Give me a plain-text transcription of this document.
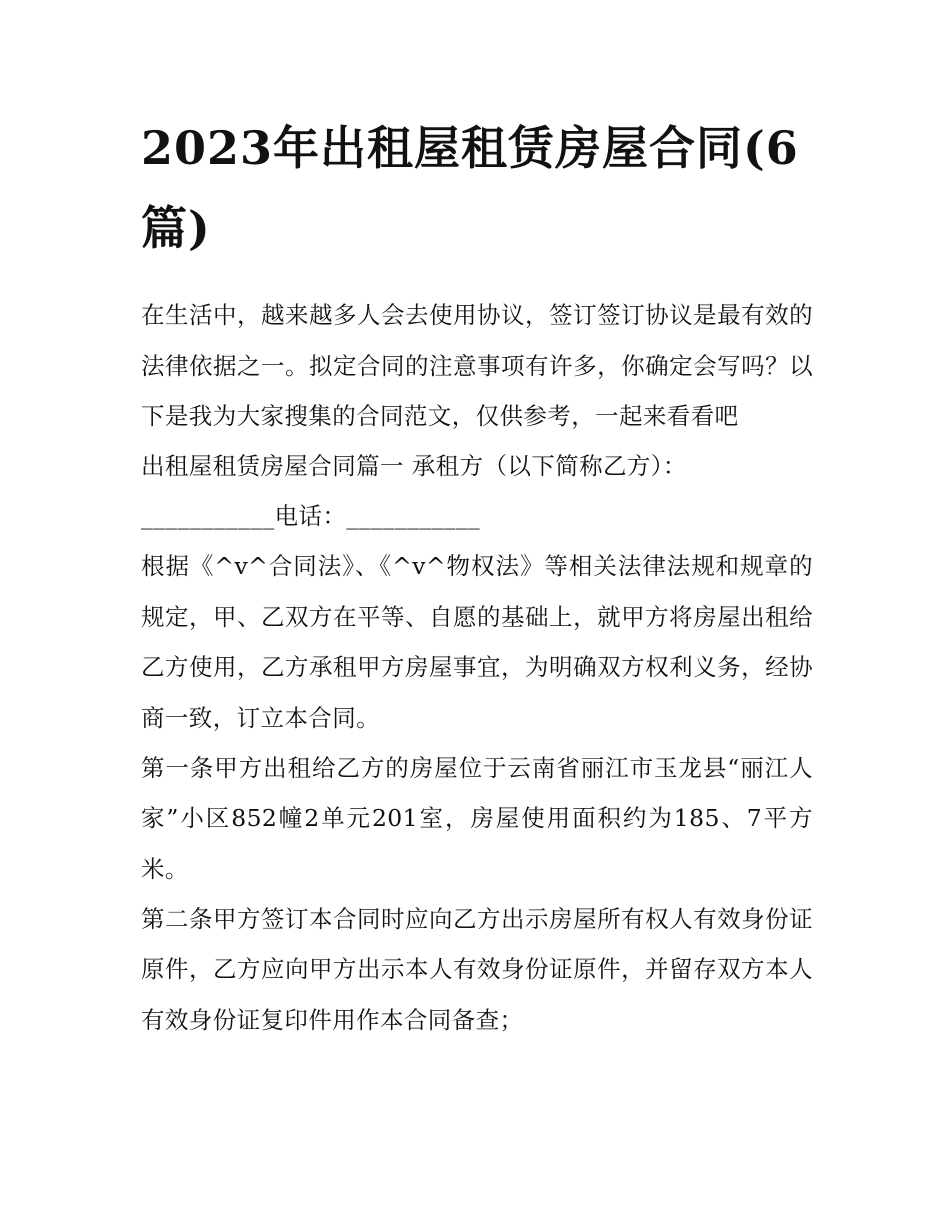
2023年出租屋租赁房屋合同(6篇)

在生活中，越来越多人会去使用协议，签订签订协议是最有效的法律依据之一。拟定合同的注意事项有许多，你确定会写吗？以下是我为大家搜集的合同范文，仅供参考，一起来看看吧

出租屋租赁房屋合同篇一 承租方（以下简称乙方）：

___________电话：___________

根据《^v^合同法》、《^v^物权法》等相关法律法规和规章的规定，甲、乙双方在平等、自愿的基础上，就甲方将房屋出租给乙方使用，乙方承租甲方房屋事宜，为明确双方权利义务，经协商一致，订立本合同。

第一条甲方出租给乙方的房屋位于云南省丽江市玉龙县“丽江人家”小区852幢2单元201室，房屋使用面积约为185、7平方米。

第二条甲方签订本合同时应向乙方出示房屋所有权人有效身份证原件，乙方应向甲方出示本人有效身份证原件，并留存双方本人有效身份证复印件用作本合同备查；
